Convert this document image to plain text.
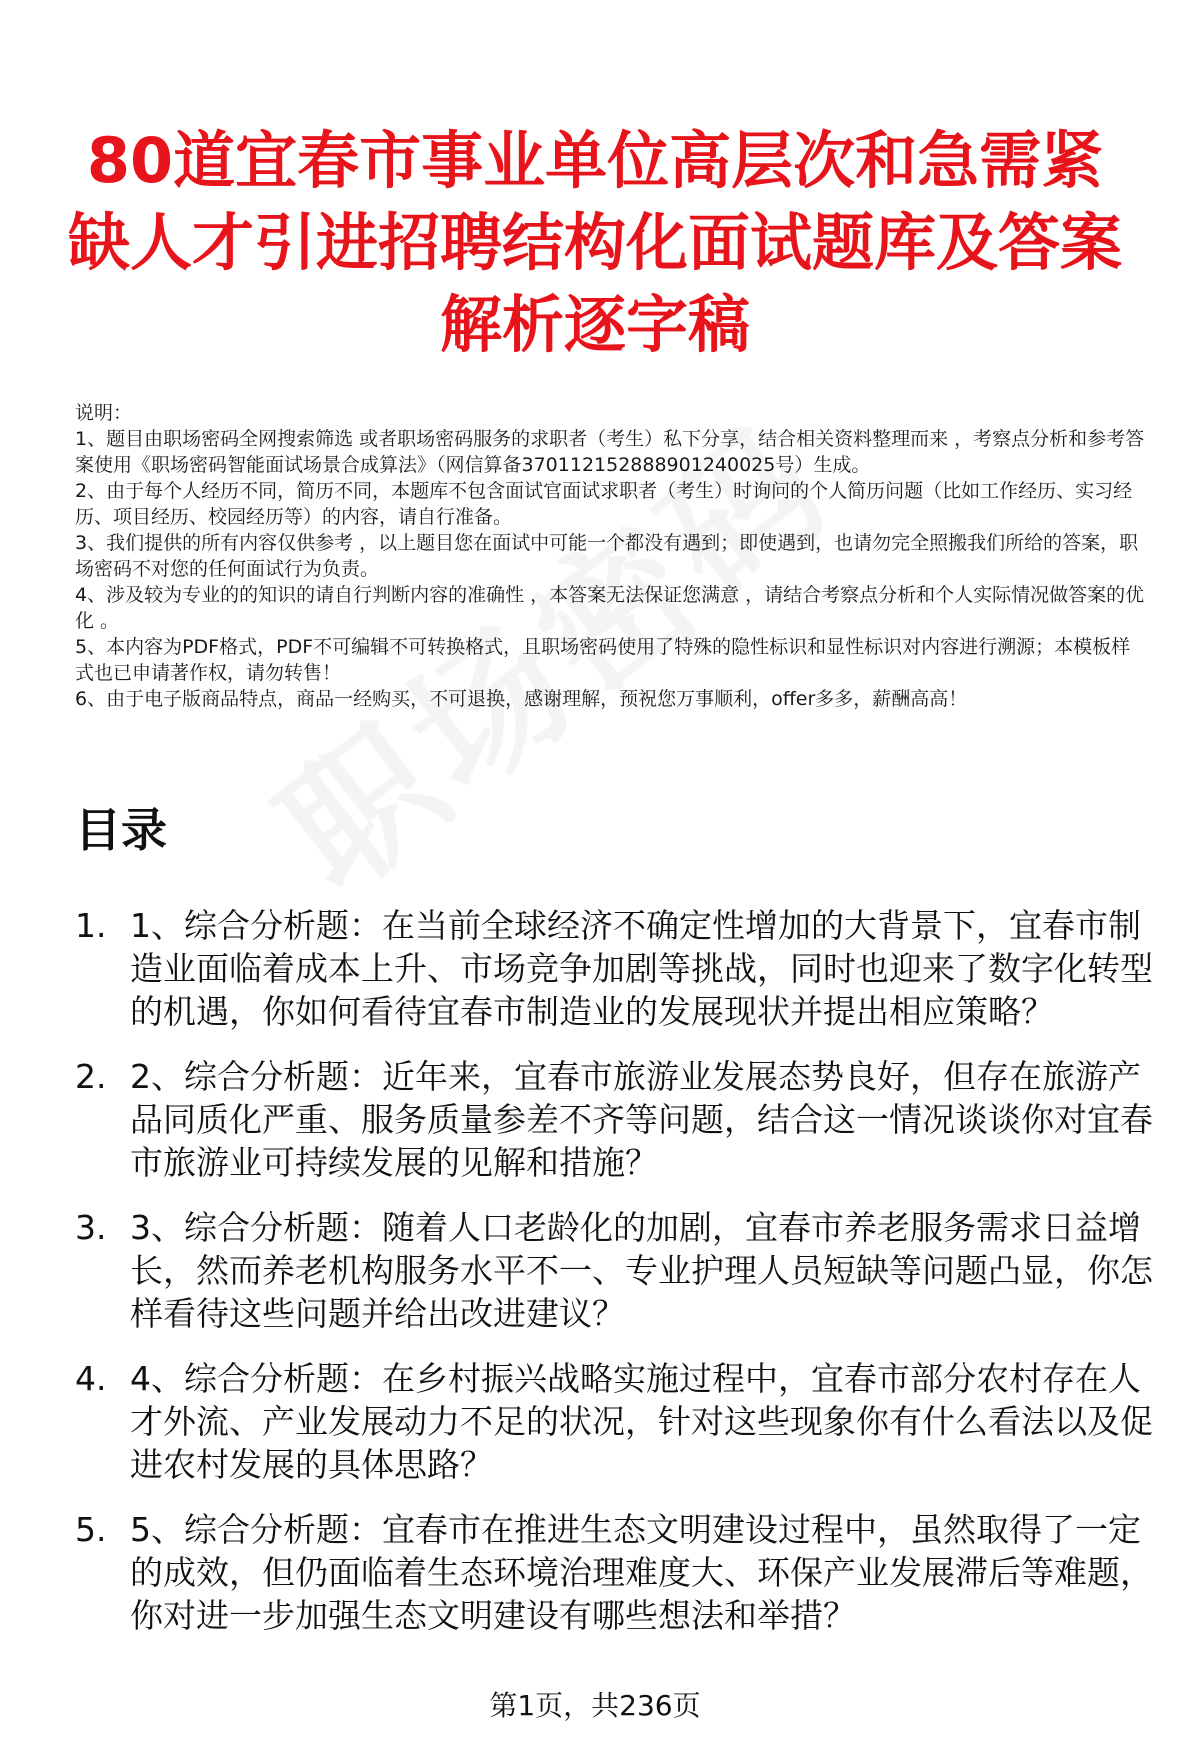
80道宜春市事业单位高层次和急需紧缺人才引进招聘结构化面试题库及答案解析逐字稿

说明：

1、题目由职场密码全网搜索筛选 或者职场密码服务的求职者（考生）私下分享，结合相关资料整理而来 ，考察点分析和参考答案使用《职场密码智能面试场景合成算法》（网信算备370112152888901240025号）生成。

2、由于每个人经历不同，简历不同，本题库不包含面试官面试求职者（考生）时询问的个人简历问题（比如工作经历、实习经历、项目经历、校园经历等）的内容，请自行准备。

3、我们提供的所有内容仅供参考 ，以上题目您在面试中可能一个都没有遇到；即使遇到，也请勿完全照搬我们所给的答案，职场密码不对您的任何面试行为负责。

4、涉及较为专业的的知识的请自行判断内容的准确性 ，本答案无法保证您满意 ，请结合考察点分析和个人实际情况做答案的优化 。

5、本内容为PDF格式，PDF不可编辑不可转换格式，且职场密码使用了特殊的隐性标识和显性标识对内容进行溯源；本模板样式也已申请著作权，请勿转售！

6、由于电子版商品特点，商品一经购买，不可退换，感谢理解，预祝您万事顺利，offer多多，薪酬高高！

目录
1. 1、综合分析题：在当前全球经济不确定性增加的大背景下，宜春市制造业面临着成本上升、市场竞争加剧等挑战，同时也迎来了数字化转型的机遇，你如何看待宜春市制造业的发展现状并提出相应策略？
2. 2、综合分析题：近年来，宜春市旅游业发展态势良好，但存在旅游产品同质化严重、服务质量参差不齐等问题，结合这一情况谈谈你对宜春市旅游业可持续发展的见解和措施？
3. 3、综合分析题：随着人口老龄化的加剧，宜春市养老服务需求日益增长，然而养老机构服务水平不一、专业护理人员短缺等问题凸显，你怎样看待这些问题并给出改进建议？
4. 4、综合分析题：在乡村振兴战略实施过程中，宜春市部分农村存在人才外流、产业发展动力不足的状况，针对这些现象你有什么看法以及促进农村发展的具体思路？
5. 5、综合分析题：宜春市在推进生态文明建设过程中，虽然取得了一定的成效，但仍面临着生态环境治理难度大、环保产业发展滞后等难题，你对进一步加强生态文明建设有哪些想法和举措？
第1页，共236页
